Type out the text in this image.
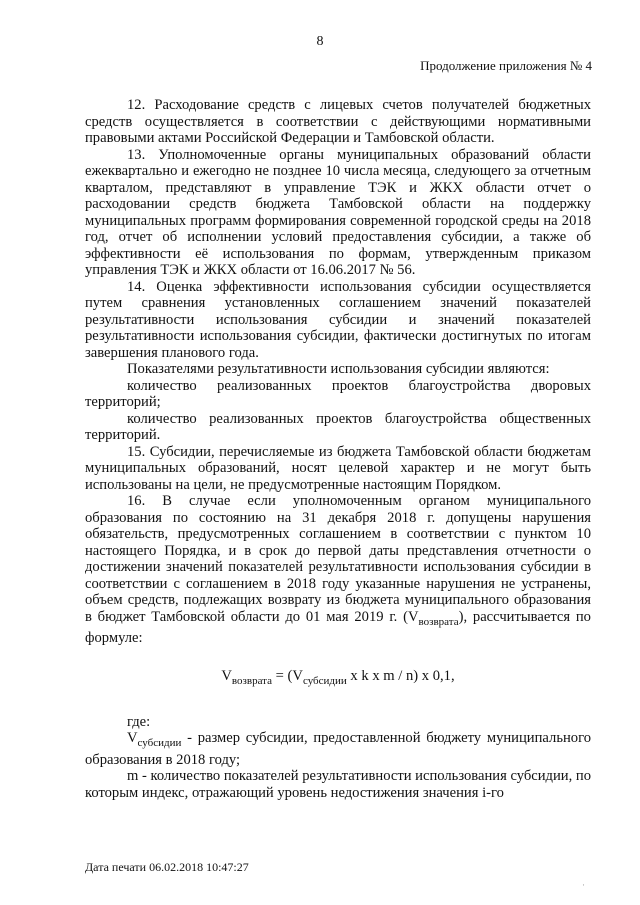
8
Продолжение приложения № 4

12. Расходование средств с лицевых счетов получателей бюджетных средств осуществляется в соответствии с действующими нормативными правовыми актами Российской Федерации и Тамбовской области.

13. Уполномоченные органы муниципальных образований области ежеквартально и ежегодно не позднее 10 числа месяца, следующего за отчетным кварталом, представляют в управление ТЭК и ЖКХ области отчет о расходовании средств бюджета Тамбовской области на поддержку муниципальных программ формирования современной городской среды на 2018 год, отчет об исполнении условий предоставления субсидии, а также об эффективности её использования по формам, утвержденным приказом управления ТЭК и ЖКХ области от 16.06.2017 № 56.

14. Оценка эффективности использования субсидии осуществляется путем сравнения установленных соглашением значений показателей результативности использования субсидии и значений показателей результативности использования субсидии, фактически достигнутых по итогам завершения планового года.

Показателями результативности использования субсидии являются:

количество реализованных проектов благоустройства дворовых территорий;

количество реализованных проектов благоустройства общественных территорий.

15. Субсидии, перечисляемые из бюджета Тамбовской области бюджетам муниципальных образований, носят целевой характер и не могут быть использованы на цели, не предусмотренные настоящим Порядком.

16. В случае если уполномоченным органом муниципального образования по состоянию на 31 декабря 2018 г. допущены нарушения обязательств, предусмотренных соглашением в соответствии с пунктом 10 настоящего Порядка, и в срок до первой даты представления отчетности о достижении значений показателей результативности использования субсидии в соответствии с соглашением в 2018 году указанные нарушения не устранены, объем средств, подлежащих возврату из бюджета муниципального образования в бюджет Тамбовской области до 01 мая 2019 г. $(V_{возврата})$, рассчитывается по формуле:

$V_{возврата} = (V_{субсидии}$ x k x m / n) x 0,1,

где:

$V_{субсидии}$ - размер субсидии, предоставленной бюджету муниципального образования в 2018 году;

m - количество показателей результативности использования субсидии, по которым индекс, отражающий уровень недостижения значения i-го

Дата печати 06.02.2018 10:47:27
·
